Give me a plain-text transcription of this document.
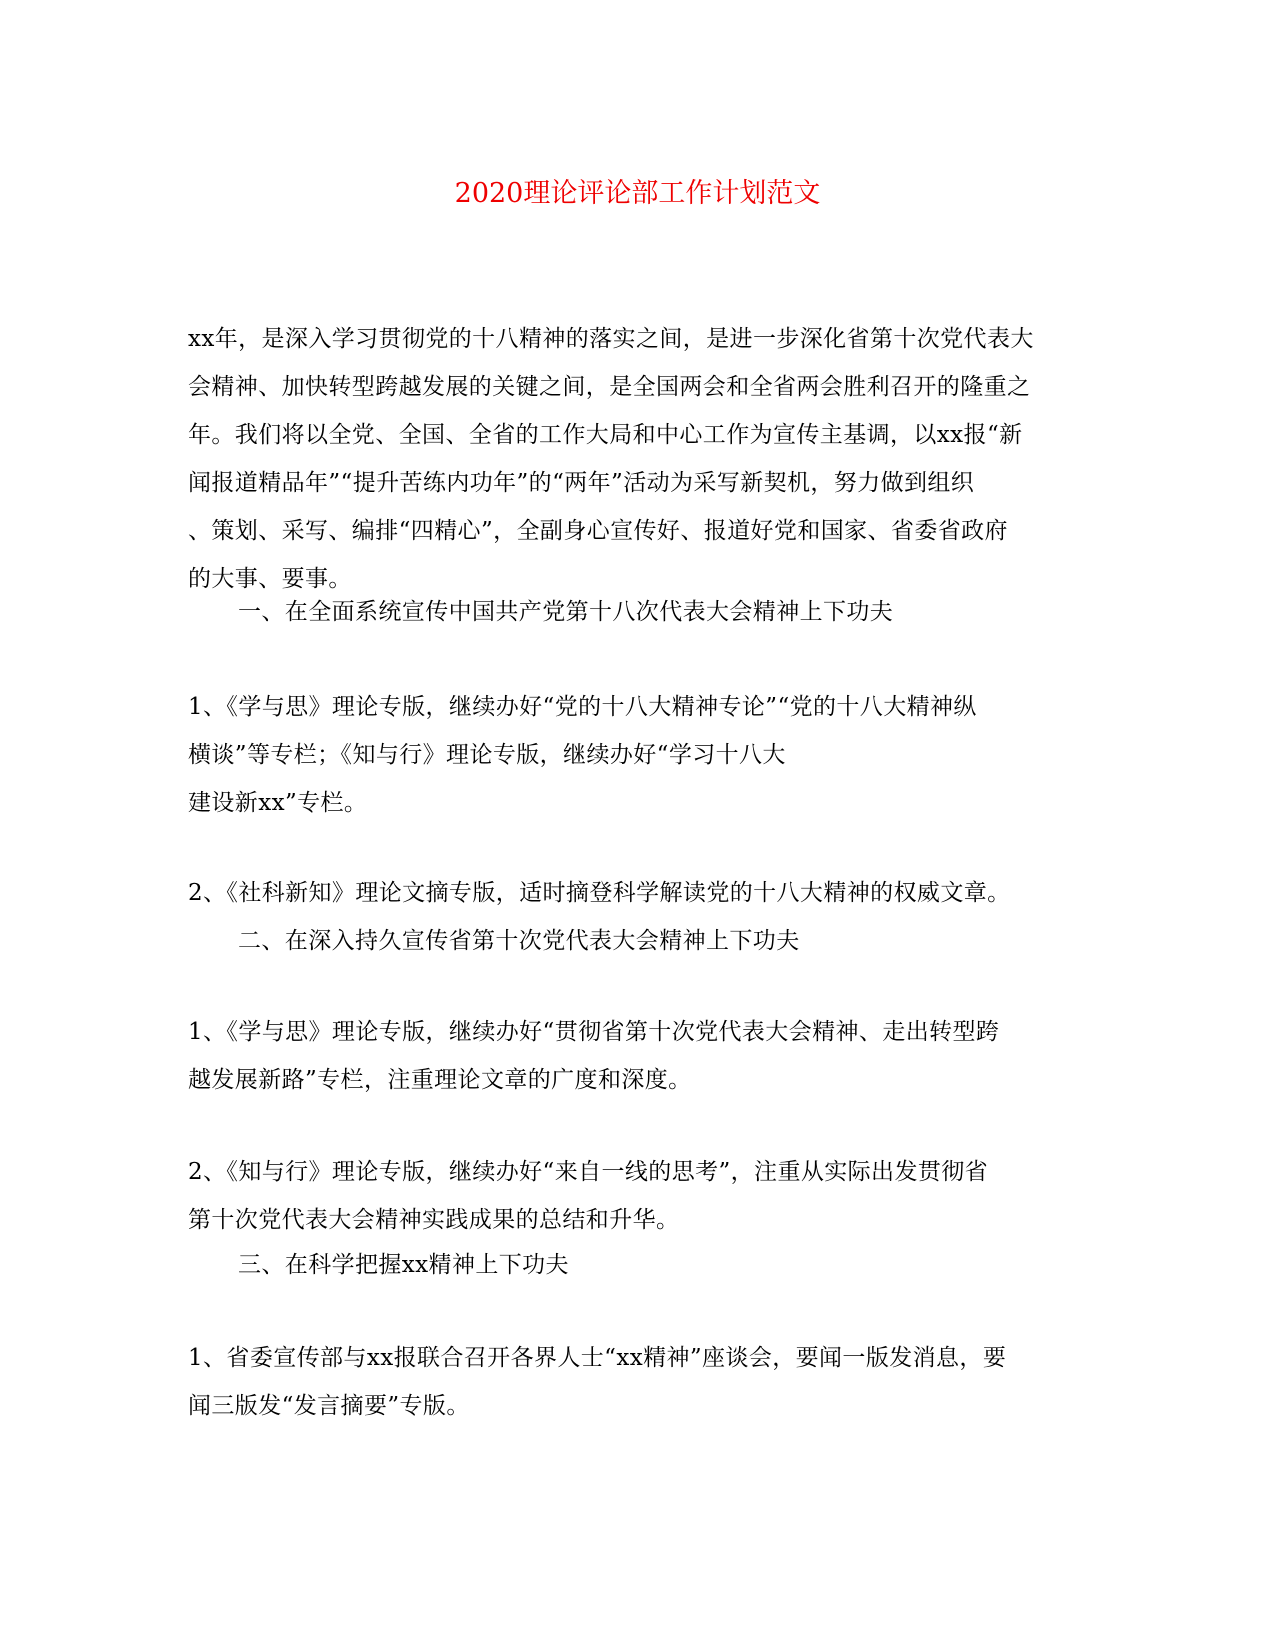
2020理论评论部工作计划范文

xx年，是深入学习贯彻党的十八精神的落实之间，是进一步深化省第十次党代表大
会精神、加快转型跨越发展的关键之间，是全国两会和全省两会胜利召开的隆重之
年。我们将以全党、全国、全省的工作大局和中心工作为宣传主基调，以xx报“新
闻报道精品年”“提升苦练内功年”的“两年”活动为采写新契机，努力做到组织
、策划、采写、编排“四精心”，全副身心宣传好、报道好党和国家、省委省政府
的大事、要事。

一、在全面系统宣传中国共产党第十八次代表大会精神上下功夫

1、《学与思》理论专版，继续办好“党的十八大精神专论”“党的十八大精神纵
横谈”等专栏；《知与行》理论专版，继续办好“学习十八大
建设新xx”专栏。

2、《社科新知》理论文摘专版，适时摘登科学解读党的十八大精神的权威文章。

二、在深入持久宣传省第十次党代表大会精神上下功夫

1、《学与思》理论专版，继续办好“贯彻省第十次党代表大会精神、走出转型跨
越发展新路”专栏，注重理论文章的广度和深度。

2、《知与行》理论专版，继续办好“来自一线的思考”，注重从实际出发贯彻省
第十次党代表大会精神实践成果的总结和升华。

三、在科学把握xx精神上下功夫

1、省委宣传部与xx报联合召开各界人士“xx精神”座谈会，要闻一版发消息，要
闻三版发“发言摘要”专版。
